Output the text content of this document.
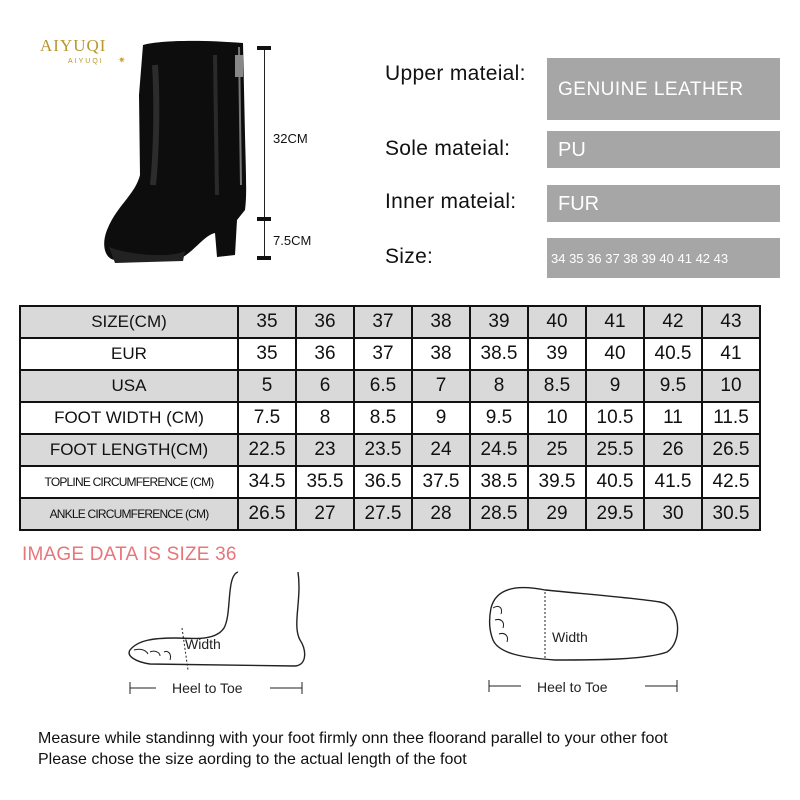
AIYUQI
AIYUQI ✷
32CM
7.5CM
Upper mateial:
GENUINE LEATHER
Sole mateial:	PU
Inner mateial:	FUR
Size:	34 35 36 37 38 39 40 41 42 43
SIZE(CM)	35	36	37	38	39	40	41	42	43
EUR	35	36	37	38	38.5	39	40	40.5	41
USA	5	6	6.5	7	8	8.5	9	9.5	10
FOOT WIDTH (CM)	7.5	8	8.5	9	9.5	10	10.5	11	11.5
FOOT LENGTH(CM)	22.5	23	23.5	24	24.5	25	25.5	26	26.5
TOPLINE CIRCUMFERENCE (CM)	34.5	35.5	36.5	37.5	38.5	39.5	40.5	41.5	42.5
ANKLE CIRCUMFERENCE (CM)	26.5	27	27.5	28	28.5	29	29.5	30	30.5
IMAGE DATA IS SIZE 36
Width
Heel to Toe
Width
Heel to Toe
Measure while standinng with your foot firmly onn thee floorand parallel to your other foot
Please chose the size aording to the actual length of the foot
